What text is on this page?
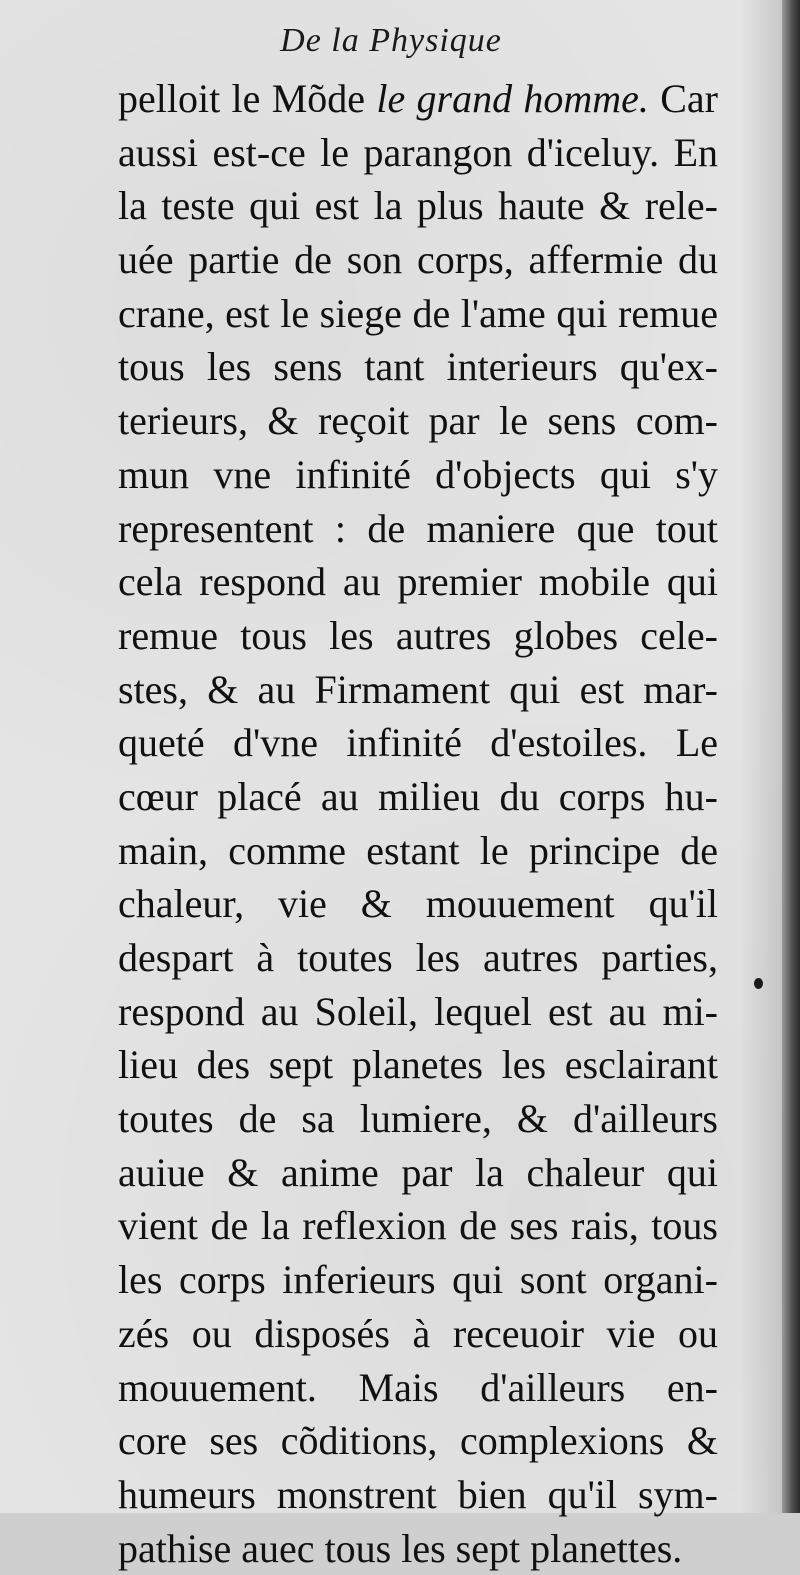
De la Physique
pelloit le Mõde le grand homme. Car
aussi est-ce le parangon d'iceluy. En
la teste qui est la plus haute & rele-
uée partie de son corps, affermie du
crane, est le siege de l'ame qui remue
tous les sens tant interieurs qu'ex-
terieurs, & reçoit par le sens com-
mun vne infinité d'objects qui s'y
representent : de maniere que tout
cela respond au premier mobile qui
remue tous les autres globes cele-
stes, & au Firmament qui est mar-
queté d'vne infinité d'estoiles. Le
cœur placé au milieu du corps hu-
main, comme estant le principe de
chaleur, vie & mouuement qu'il
despart à toutes les autres parties,
respond au Soleil, lequel est au mi-
lieu des sept planetes les esclairant
toutes de sa lumiere, & d'ailleurs
auiue & anime par la chaleur qui
vient de la reflexion de ses rais, tous
les corps inferieurs qui sont organi-
zés ou disposés à receuoir vie ou
mouuement. Mais d'ailleurs en-
core ses cõditions, complexions &
humeurs monstrent bien qu'il sym-
pathise auec tous les sept planettes.
